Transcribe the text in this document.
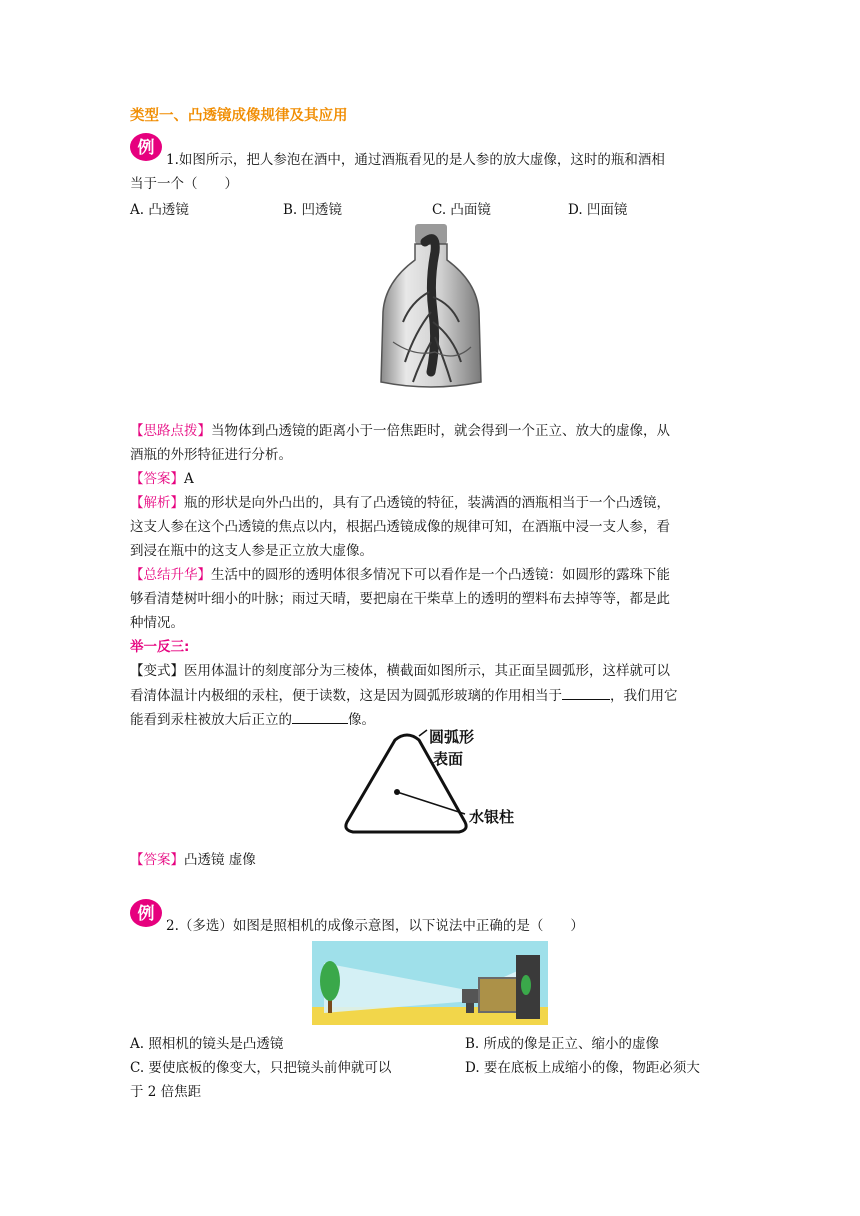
类型一、凸透镜成像规律及其应用
例
1.如图所示，把人参泡在酒中，通过酒瓶看见的是人参的放大虚像，这时的瓶和酒相
当于一个（　　）
A. 凸透镜	B. 凹透镜	C. 凸面镜	D. 凹面镜
【思路点拨】当物体到凸透镜的距离小于一倍焦距时，就会得到一个正立、放大的虚像，从
酒瓶的外形特征进行分析。
【答案】A
【解析】瓶的形状是向外凸出的，具有了凸透镜的特征，装满酒的酒瓶相当于一个凸透镜，
这支人参在这个凸透镜的焦点以内，根据凸透镜成像的规律可知，在酒瓶中浸一支人参，看
到浸在瓶中的这支人参是正立放大虚像。
【总结升华】生活中的圆形的透明体很多情况下可以看作是一个凸透镜：如圆形的露珠下能
够看清楚树叶细小的叶脉；雨过天晴，要把扇在干柴草上的透明的塑料布去掉等等，都是此
种情况。
举一反三:
【变式】医用体温计的刻度部分为三棱体，横截面如图所示，其正面呈圆弧形，这样就可以
看清体温计内极细的汞柱，便于读数，这是因为圆弧形玻璃的作用相当于	，我们用它
能看到汞柱被放大后正立的	像。
圆弧形
表面
水银柱
【答案】凸透镜 虚像
例
2.（多选）如图是照相机的成像示意图，以下说法中正确的是（　　）
A. 照相机的镜头是凸透镜	B. 所成的像是正立、缩小的虚像
C. 要使底板的像变大，只把镜头前伸就可以	D. 要在底板上成缩小的像，物距必须大
于 2 倍焦距
